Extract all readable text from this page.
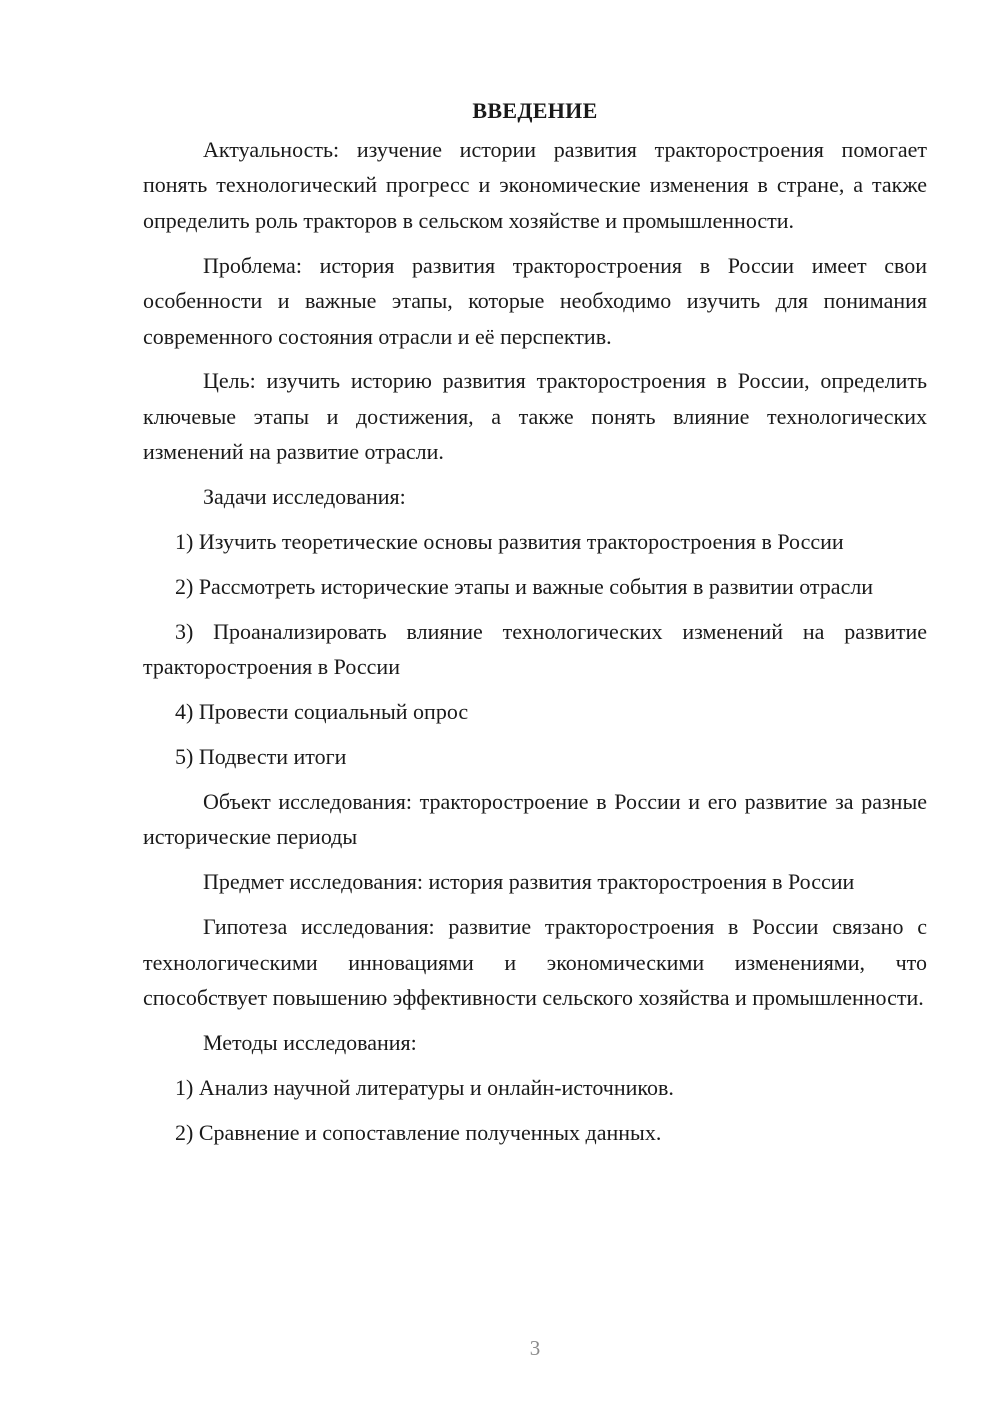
ВВЕДЕНИЕ

Актуальность: изучение истории развития тракторостроения помогает понять технологический прогресс и экономические изменения в стране, а также определить роль тракторов в сельском хозяйстве и промышленности.

Проблема: история развития тракторостроения в России имеет свои особенности и важные этапы, которые необходимо изучить для понимания современного состояния отрасли и её перспектив.

Цель: изучить историю развития тракторостроения в России, определить ключевые этапы и достижения, а также понять влияние технологических изменений на развитие отрасли.

Задачи исследования:

1) Изучить теоретические основы развития тракторостроения в России

2) Рассмотреть исторические этапы и важные события в развитии отрасли

3) Проанализировать влияние технологических изменений на развитие тракторостроения в России

4) Провести социальный опрос

5) Подвести итоги

Объект исследования: тракторостроение в России и его развитие за разные исторические периоды

Предмет исследования: история развития тракторостроения в России

Гипотеза исследования: развитие тракторостроения в России связано с технологическими инновациями и экономическими изменениями, что способствует повышению эффективности сельского хозяйства и промышленности.

Методы исследования:

1) Анализ научной литературы и онлайн-источников.

2) Сравнение и сопоставление полученных данных.

3
